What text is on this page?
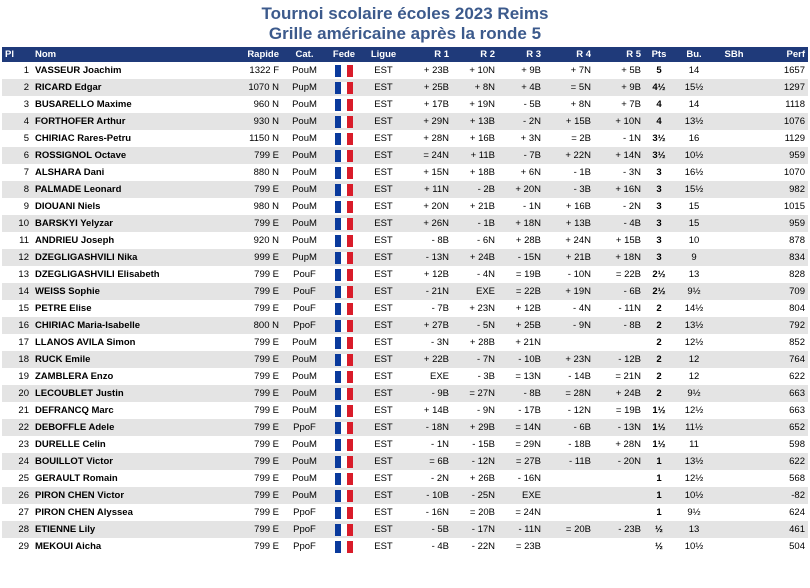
Tournoi scolaire écoles 2023 Reims
Grille américaine après la ronde 5
Pl	Nom	Rapide	Cat.	Fede	Ligue	R 1	R 2	R 3	R 4	R 5	Pts	Bu.	SBh	Perf
1	VASSEUR Joachim	1322 F	PouM		EST	+ 23B	+ 10N	+ 9B	+ 7N	+ 5B	5	14		1657
2	RICARD Edgar	1070 N	PupM		EST	+ 25B	+ 8N	+ 4B	= 5N	+ 9B	4½	15½		1297
3	BUSARELLO Maxime	960 N	PouM		EST	+ 17B	+ 19N	- 5B	+ 8N	+ 7B	4	14		1118
4	FORTHOFER Arthur	930 N	PouM		EST	+ 29N	+ 13B	- 2N	+ 15B	+ 10N	4	13½		1076
5	CHIRIAC Rares-Petru	1150 N	PouM		EST	+ 28N	+ 16B	+ 3N	= 2B	- 1N	3½	16		1129
6	ROSSIGNOL Octave	799 E	PouM		EST	= 24N	+ 11B	- 7B	+ 22N	+ 14N	3½	10½		959
7	ALSHARA Dani	880 N	PouM		EST	+ 15N	+ 18B	+ 6N	- 1B	- 3N	3	16½		1070
8	PALMADE Leonard	799 E	PouM		EST	+ 11N	- 2B	+ 20N	- 3B	+ 16N	3	15½		982
9	DIOUANI Niels	980 N	PouM		EST	+ 20N	+ 21B	- 1N	+ 16B	- 2N	3	15		1015
10	BARSKYI Yelyzar	799 E	PouM		EST	+ 26N	- 1B	+ 18N	+ 13B	- 4B	3	15		959
11	ANDRIEU Joseph	920 N	PouM		EST	- 8B	- 6N	+ 28B	+ 24N	+ 15B	3	10		878
12	DZEGLIGASHVILI Nika	999 E	PupM		EST	- 13N	+ 24B	- 15N	+ 21B	+ 18N	3	9		834
13	DZEGLIGASHVILI Elisabeth	799 E	PouF		EST	+ 12B	- 4N	= 19B	- 10N	= 22B	2½	13		828
14	WEISS Sophie	799 E	PouF		EST	- 21N	EXE	= 22B	+ 19N	- 6B	2½	9½		709
15	PETRE Elise	799 E	PouF		EST	- 7B	+ 23N	+ 12B	- 4N	- 11N	2	14½		804
16	CHIRIAC Maria-Isabelle	800 N	PpoF		EST	+ 27B	- 5N	+ 25B	- 9N	- 8B	2	13½		792
17	LLANOS AVILA Simon	799 E	PouM		EST	- 3N	+ 28B	+ 21N			2	12½		852
18	RUCK Emile	799 E	PouM		EST	+ 22B	- 7N	- 10B	+ 23N	- 12B	2	12		764
19	ZAMBLERA Enzo	799 E	PouM		EST	EXE	- 3B	= 13N	- 14B	= 21N	2	12		622
20	LECOUBLET Justin	799 E	PouM		EST	- 9B	= 27N	- 8B	= 28N	+ 24B	2	9½		663
21	DEFRANCQ Marc	799 E	PouM		EST	+ 14B	- 9N	- 17B	- 12N	= 19B	1½	12½		663
22	DEBOFFLE Adele	799 E	PpoF		EST	- 18N	+ 29B	= 14N	- 6B	- 13N	1½	11½		652
23	DURELLE Celin	799 E	PouM		EST	- 1N	- 15B	= 29N	- 18B	+ 28N	1½	11		598
24	BOUILLOT Victor	799 E	PouM		EST	= 6B	- 12N	= 27B	- 11B	- 20N	1	13½		622
25	GERAULT Romain	799 E	PouM		EST	- 2N	+ 26B	- 16N			1	12½		568
26	PIRON CHEN Victor	799 E	PouM		EST	- 10B	- 25N	EXE			1	10½		-82
27	PIRON CHEN Alyssea	799 E	PpoF		EST	- 16N	= 20B	= 24N			1	9½		624
28	ETIENNE Lily	799 E	PpoF		EST	- 5B	- 17N	- 11N	= 20B	- 23B	½	13		461
29	MEKOUI Aicha	799 E	PpoF		EST	- 4B	- 22N	= 23B			½	10½		504
